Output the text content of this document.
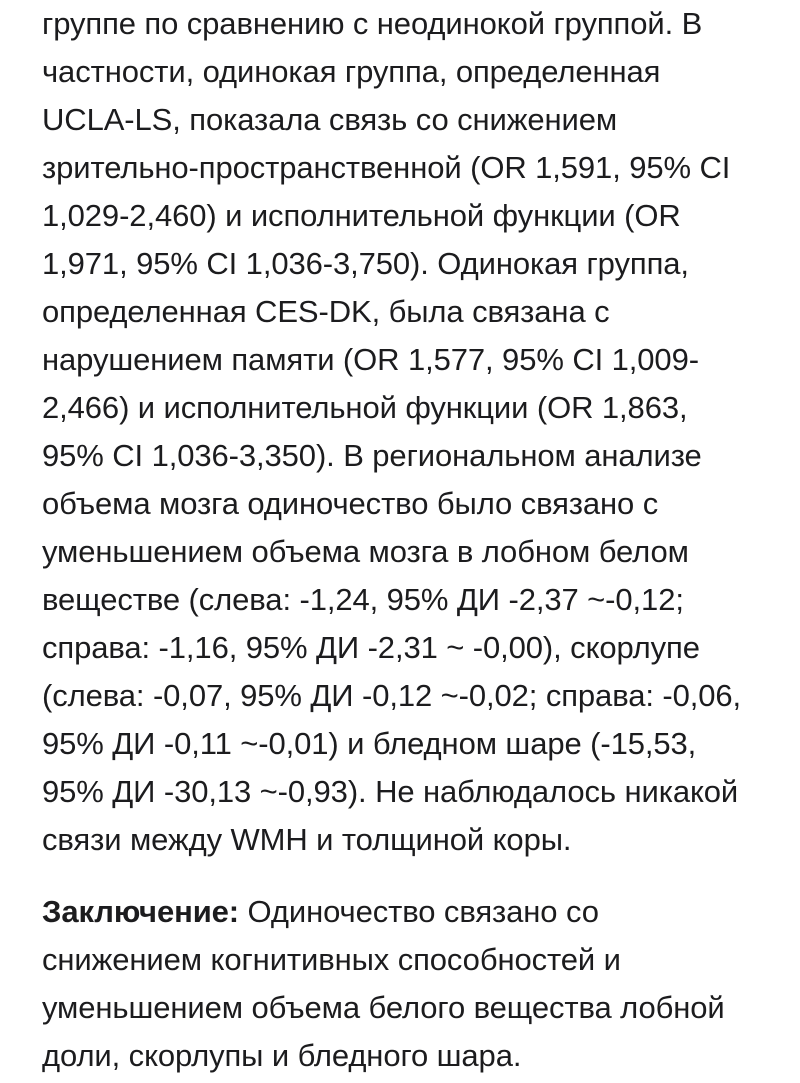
группе по сравнению с неодинокой группой. В
частности, одинокая группа, определенная
UCLA-LS, показала связь со снижением
зрительно-пространственной (OR 1,591, 95% CI
1,029-2,460) и исполнительной функции (OR
1,971, 95% CI 1,036-3,750). Одинокая группа,
определенная CES-DK, была связана с
нарушением памяти (OR 1,577, 95% CI 1,009-
2,466) и исполнительной функции (OR 1,863,
95% CI 1,036-3,350). В региональном анализе
объема мозга одиночество было связано с
уменьшением объема мозга в лобном белом
веществе (слева: -1,24, 95% ДИ -2,37 ~-0,12;
справа: -1,16, 95% ДИ -2,31 ~ -0,00), скорлупе
(слева: -0,07, 95% ДИ -0,12 ~-0,02; справа: -0,06,
95% ДИ -0,11 ~-0,01) и бледном шаре (-15,53,
95% ДИ -30,13 ~-0,93). Не наблюдалось никакой
связи между WMH и толщиной коры.
Заключение: Одиночество связано со
снижением когнитивных способностей и
уменьшением объема белого вещества лобной
доли, скорлупы и бледного шара.
